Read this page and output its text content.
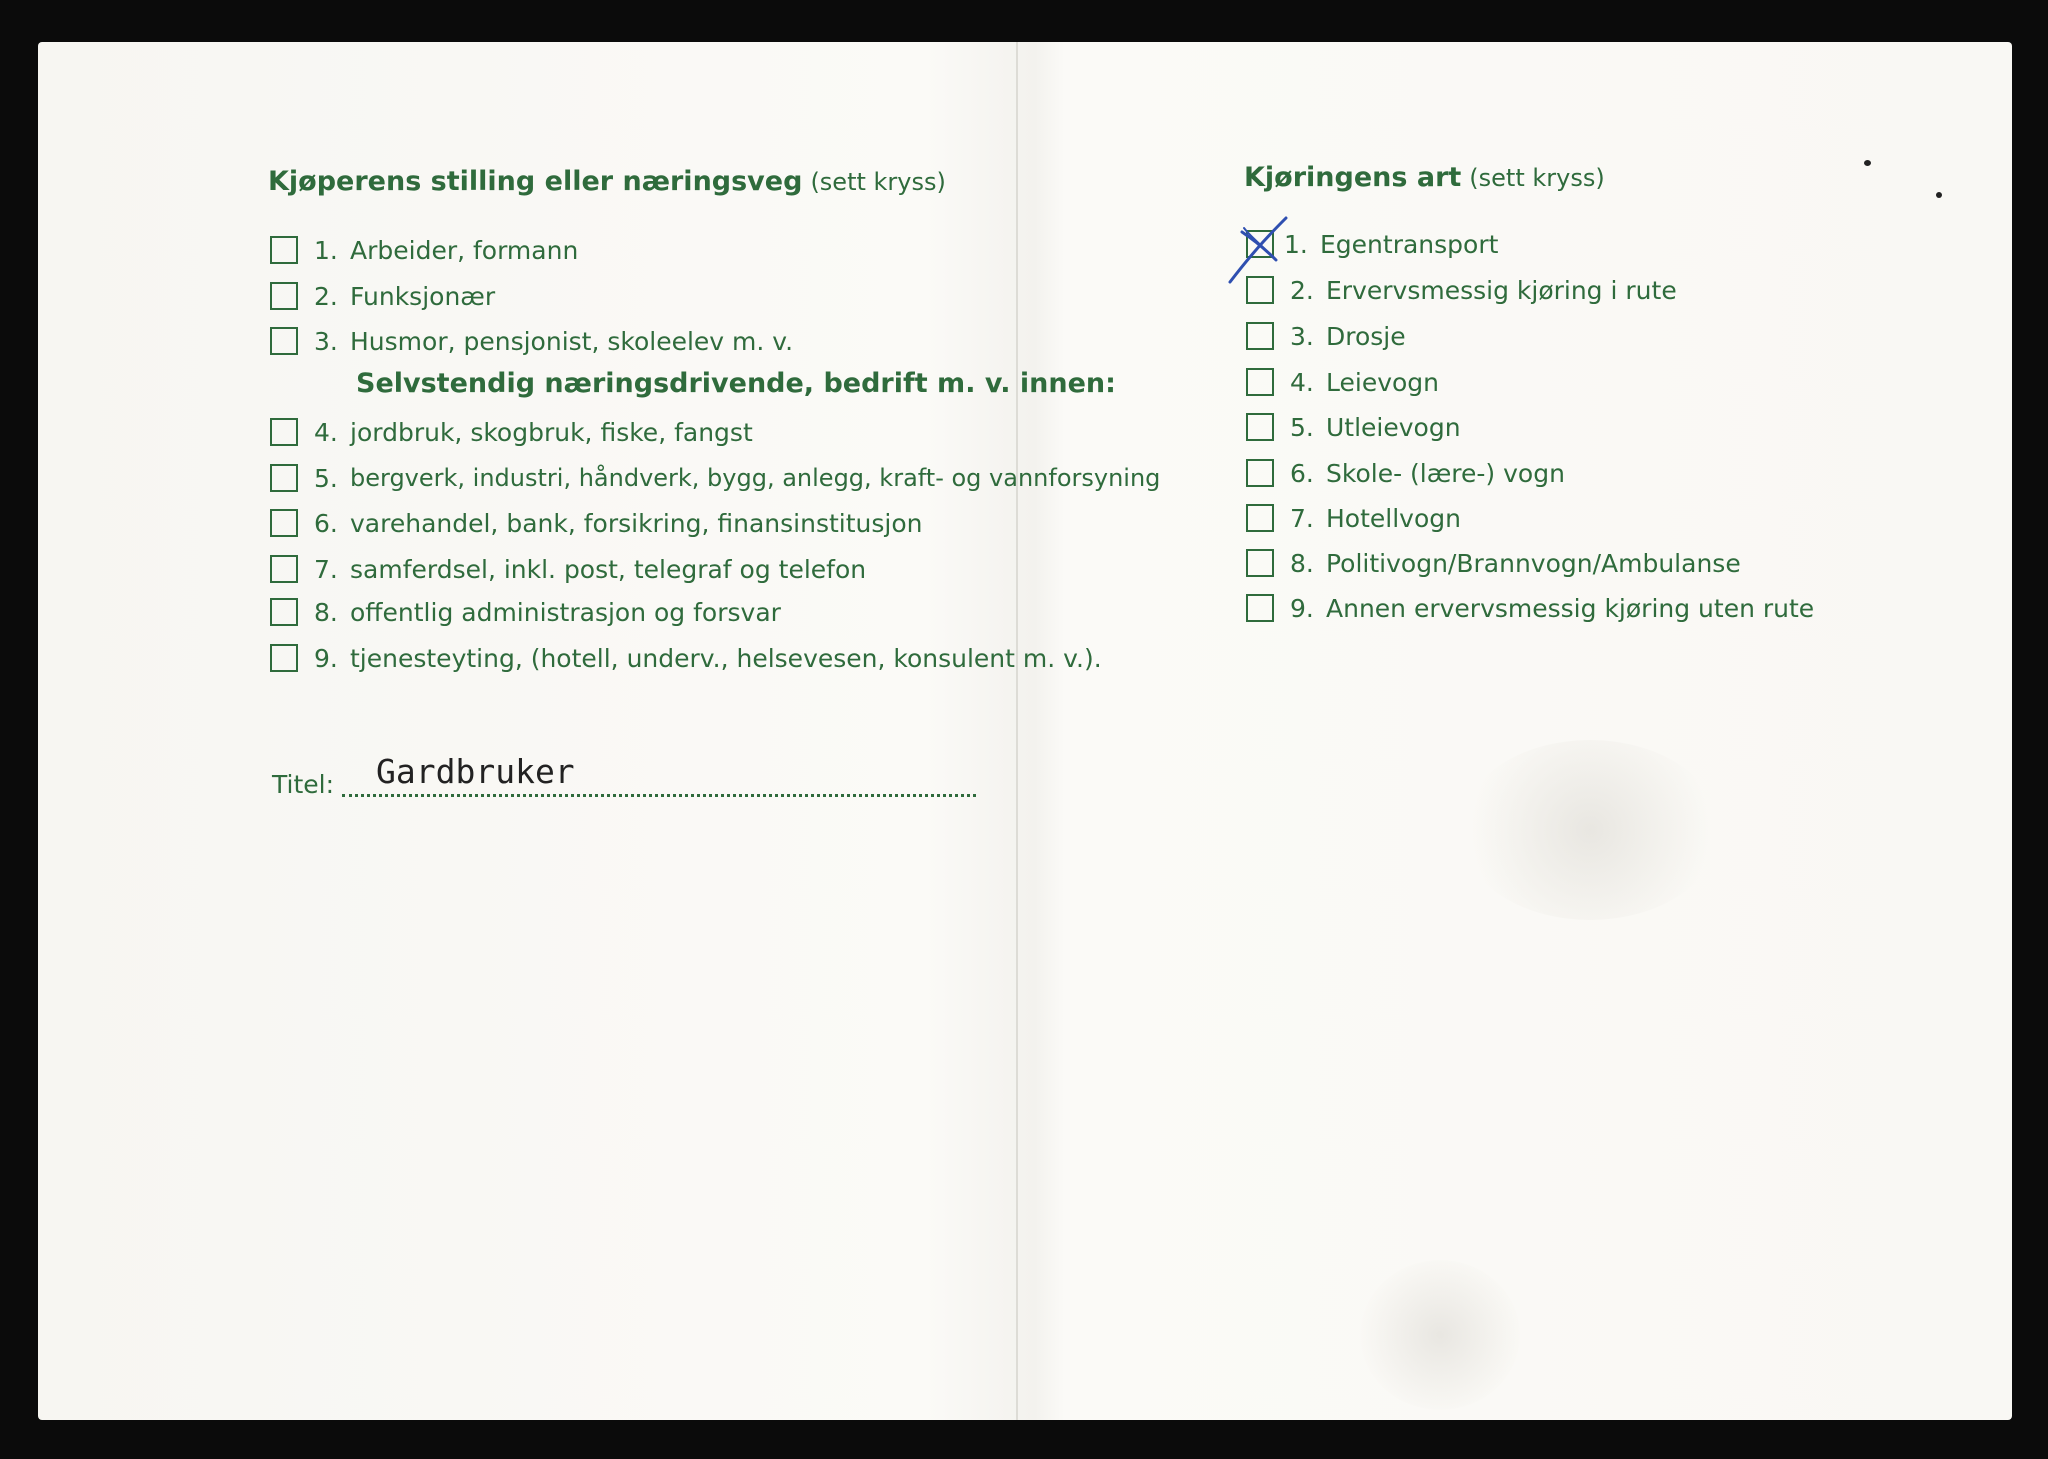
Kjøperens stilling eller næringsveg (sett kryss)
1. Arbeider, formann
2. Funksjonær
3. Husmor, pensjonist, skoleelev m. v.
Selvstendig næringsdrivende, bedrift m. v. innen:
4. jordbruk, skogbruk, fiske, fangst
5. bergverk, industri, håndverk, bygg, anlegg, kraft- og vannforsyning
6. varehandel, bank, forsikring, finansinstitusjon
7. samferdsel, inkl. post, telegraf og telefon
8. offentlig administrasjon og forsvar
9. tjenesteyting, (hotell, underv., helsevesen, konsulent m. v.).
Titel: Gardbruker
Kjøringens art (sett kryss)
1. Egentransport
2. Ervervsmessig kjøring i rute
3. Drosje
4. Leievogn
5. Utleievogn
6. Skole- (lære-) vogn
7. Hotellvogn
8. Politivogn/Brannvogn/Ambulanse
9. Annen ervervsmessig kjøring uten rute
